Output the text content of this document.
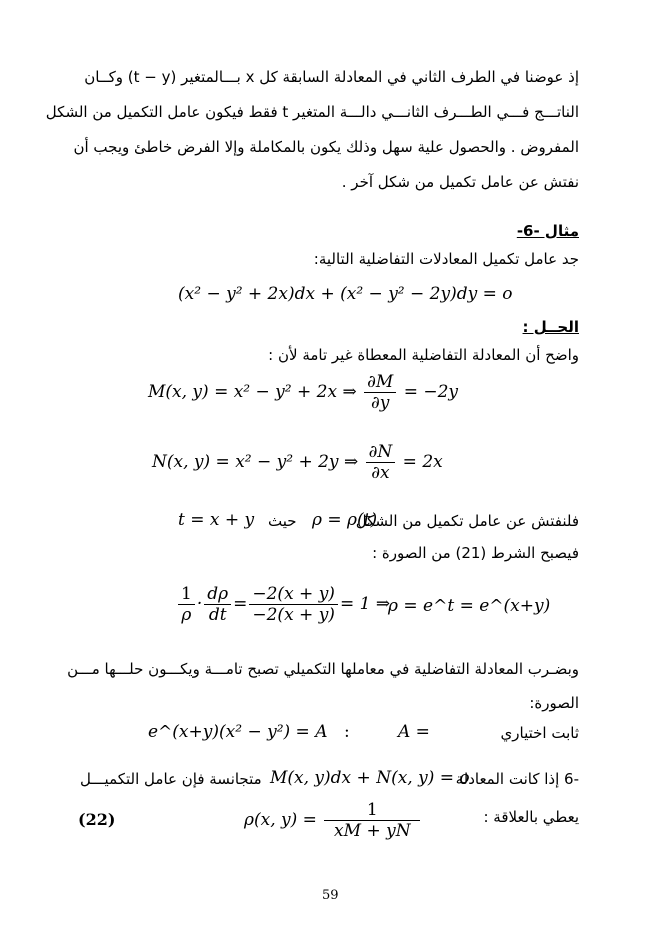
إذ عوضنا في الطرف الثاني في المعادلة السابقة كل x بـــالمتغير (t − y) وكــان
الناتـــج فـــي الطـــرف الثانـــي دالـــة المتغير t فقط فيكون عامل التكميل من الشكل
المفروض . والحصول علية سهل وذلك يكون بالمكاملة وإلا الفرض خاطئ ويجب أن
نفتش عن عامل تكميل من شكل آخر .
مثال -6-
جد عامل تكميل المعادلات التفاضلية التالية:
(x² − y² + 2x)dx + (x² − y² − 2y)dy = o
الحــل :
واضح أن المعادلة التفاضلية المعطاة غير تامة لأن :
M(x, y) = x² − y² + 2x ⇒ $\frac{\partial M}{\partial y} = -2y$
N(x, y) = x² − y² + 2y ⇒ $\frac{\partial N}{\partial x} = 2x$
فلنفتش عن عامل تكميل من الشكل
ρ = ρ(t)
حيث
t = x + y
فيصبح الشرط (21) من الصورة :
$\frac{1}{\rho} \cdot \frac{d\rho}{dt} = \frac{-2(x + y)}{-2(x + y)} = 1$ ⇒
ρ = e^t = e^(x+y)
وبضـرب المعادلة التفاضلية في معاملها التكميلي تصبح تامـــة ويكـــون حلـــها مـــن
الصورة:
e^(x+y)(x² − y²) = A :	A =	ثابت اختياري
-6 إذا كانت المعادلة
M(x, y)dx + N(x, y) = o
متجانسة فإن عامل التكميـــل
يعطي بالعلاقة :
ρ(x, $y) = \frac{1}{xM + yN}$
(22)
59
